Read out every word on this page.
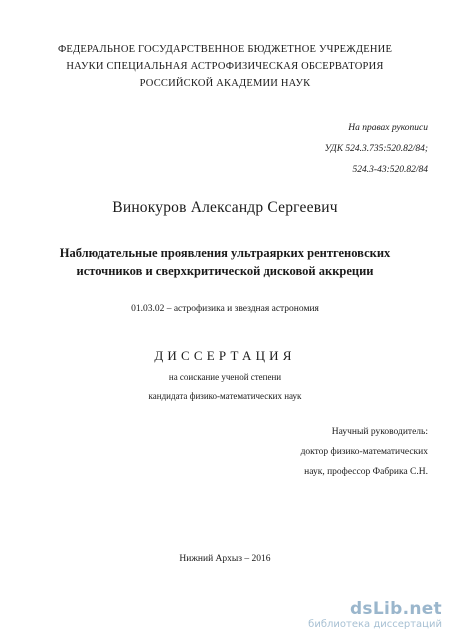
ФЕДЕРАЛЬНОЕ ГОСУДАРСТВЕННОЕ БЮДЖЕТНОЕ УЧРЕЖДЕНИЕ
НАУКИ СПЕЦИАЛЬНАЯ АСТРОФИЗИЧЕСКАЯ ОБСЕРВАТОРИЯ
РОССИЙСКОЙ АКАДЕМИИ НАУК
На правах рукописи
УДК 524.3.735:520.82/84;
524.3-43:520.82/84
Винокуров Александр Сергеевич
Наблюдательные проявления ультраярких рентгеновских
источников и сверхкритической дисковой аккреции
01.03.02 – астрофизика и звездная астрономия
ДИССЕРТАЦИЯ
на соискание ученой степени
кандидата физико-математических наук
Научный руководитель:
доктор физико-математических
наук, профессор Фабрика С.Н.
Нижний Архыз – 2016
dsLib.net
библиотека диссертаций
